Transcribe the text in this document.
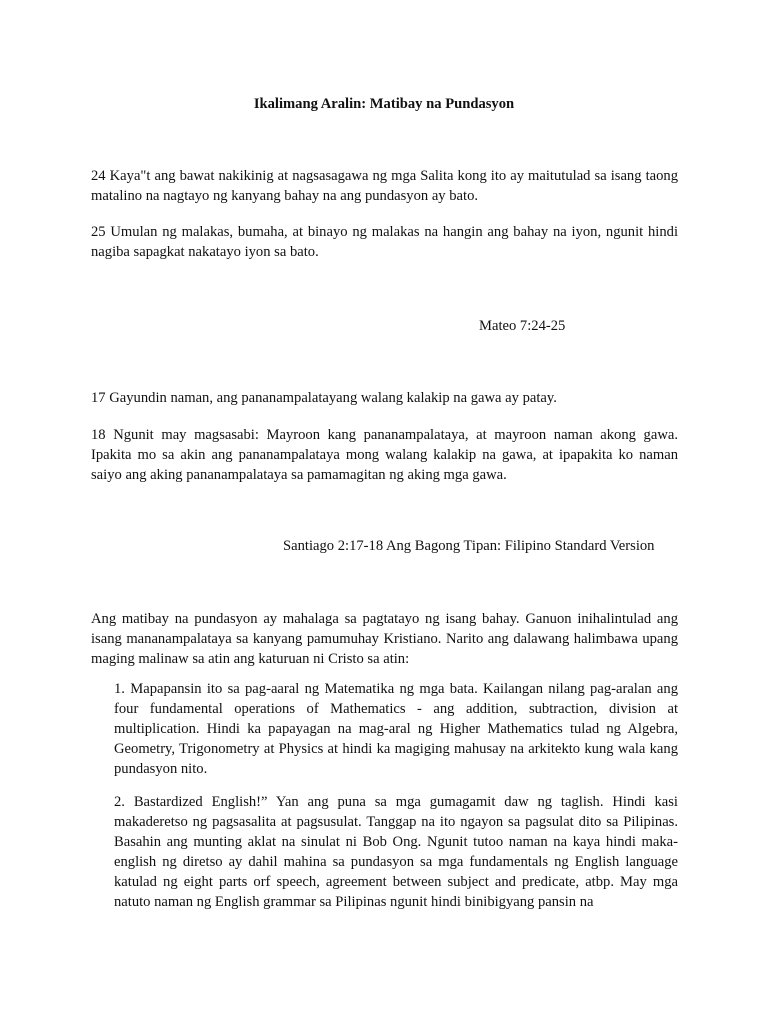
Ikalimang Aralin: Matibay na Pundasyon

24 Kaya"t ang bawat nakikinig at nagsasagawa ng mga Salita kong ito ay maitutulad sa isang taong matalino na nagtayo ng kanyang bahay na ang pundasyon ay bato.

25 Umulan ng malakas, bumaha, at binayo ng malakas na hangin ang bahay na iyon, ngunit hindi nagiba sapagkat nakatayo iyon sa bato.

Mateo 7:24-25

17 Gayundin naman, ang pananampalatayang walang kalakip na gawa ay patay.

18 Ngunit may magsasabi: Mayroon kang pananampalataya, at mayroon naman akong gawa. Ipakita mo sa akin ang pananampalataya mong walang kalakip na gawa, at ipapakita ko naman saiyo ang aking pananampalataya sa pamamagitan ng aking mga gawa.

Santiago 2:17-18 Ang Bagong Tipan: Filipino Standard Version

Ang matibay na pundasyon ay mahalaga sa pagtatayo ng isang bahay. Ganuon inihalintulad ang isang mananampalataya sa kanyang pamumuhay Kristiano. Narito ang dalawang halimbawa upang maging malinaw sa atin ang katuruan ni Cristo sa atin:

1. Mapapansin ito sa pag-aaral ng Matematika ng mga bata. Kailangan nilang pag-aralan ang four fundamental operations of Mathematics - ang addition, subtraction, division at multiplication. Hindi ka papayagan na mag-aral ng Higher Mathematics tulad ng Algebra, Geometry, Trigonometry at Physics at hindi ka magiging mahusay na arkitekto kung wala kang pundasyon nito.

2. Bastardized English!” Yan ang puna sa mga gumagamit daw ng taglish. Hindi kasi makaderetso ng pagsasalita at pagsusulat. Tanggap na ito ngayon sa pagsulat dito sa Pilipinas. Basahin ang munting aklat na sinulat ni Bob Ong. Ngunit tutoo naman na kaya hindi maka-english ng diretso ay dahil mahina sa pundasyon sa mga fundamentals ng English language katulad ng eight parts orf speech, agreement between subject and predicate, atbp. May mga natuto naman ng English grammar sa Pilipinas ngunit hindi binibigyang pansin na
